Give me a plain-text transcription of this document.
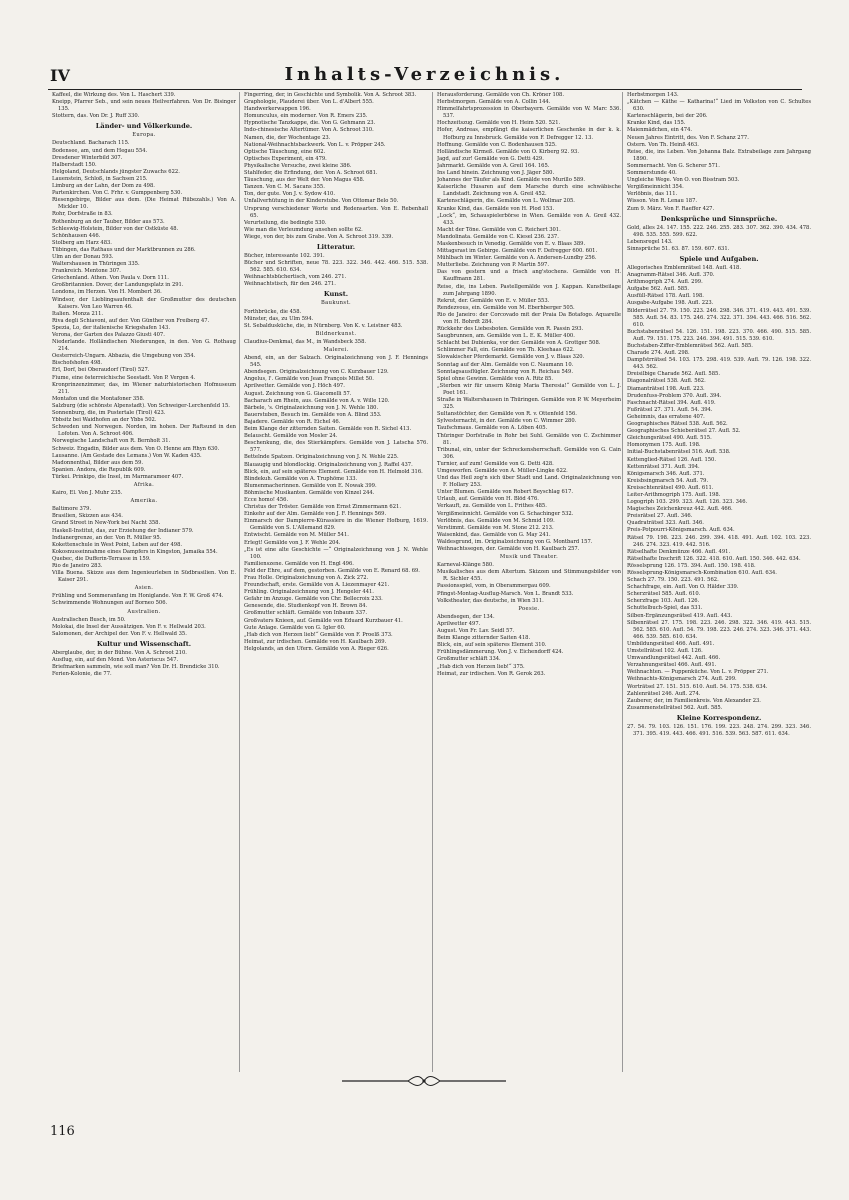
IV	Inhalts-Verzeichnis.
Kaffeel, die Wirkung des. Von L. Haschert 339.
Kneipp, Pfarrer Seb., und sein neues Heilverfahren. Von Dr. Bisinger 135.
Stottern, das. Von Dr. J. Ruff 330.
Länder- und Völkerkunde.
Europa.
Deutschland. Bacharach 115.
Bodensee, am, und dem Hegau 554.
Dresdener Winterbild 307.
Halberstadt 150.
Helgoland, Deutschlands jüngster Zuwachs 622.
Lauenstein, Schloß, in Sachsen 215.
Limburg an der Lahn, der Dom zu 498.
Partenkirchen. Von C. Frhr. v. Gumppenberg 530.
Riesengebirge, Bilder aus dem. (Die Heimat Rübezahls.) Von A. Mickler 10.
Rohr, Dorfstraße in 83.
Rothenburg an der Tauber, Bilder aus 573.
Schleswig-Holstein, Bilder von der Ostküste 48.
Schönhausen 446.
Stolberg am Harz 483.
Tübingen, das Rathaus und der Marktbrunnen zu 286.
Ulm an der Donau 593.
Waltershausen in Thüringen 335.
Frankreich. Mentone 307.
Griechenland. Athen. Von Paula v. Dorn 111.
Großbritannien. Dover, der Landungsplatz in 291.
Londons, im Herzen. Von H. Mombert 36.
Windsor, der Lieblingsaufenthalt der Großmutter des deutschen Kaisers. Von Leo Warren 46.
Italien. Monza 211.
Riva degli Schiavoni, auf der. Von Günther von Freiberg 47.
Spezia, Lo, der italienische Kriegshafen 143.
Verona, der Garten des Palazzo Giusti 407.
Niederlande. Holländischen Niederungen, in den. Von G. Rothaug 214.
Oesterreich-Ungarn. Abbazia, die Umgebung von 354.
Bischofshofen 498.
Erl, Dorf, bei Oberaudorf (Tirol) 527.
Fiume, eine österreichische Seestadt. Von P. Vergen 4.
Kronprinzenzimmer, das, im Wiener naturhistorischen Hofmuseum 211.
Montafon und die Montafoner 358.
Salzburg (die schönste Alpenstadt). Von Schweiger-Lerchenfeld 15.
Sonnenburg, die, im Pustertale (Tirol) 423.
Ybbsitz bei Waidhofen an der Ybbs 502.
Schweden und Norwegen. Norden, im hohen. Der Raftsund in den Lofoten. Von A. Schroot 406.
Norwegische Landschaft von R. Bernholt 31.
Schweiz. Engadin, Bilder aus dem. Von O. Henne am Rhyn 630.
Lausanne. (Am Gestade des Lemans.) Von W. Kaden 435.
Madonnenthal, Bilder aus dem 59.
Spanien. Andora, die Republik 609.
Türkei. Prinkipo, die Insel, im Marmarameer 407.
Afrika.
Kairo, El. Von J. Muhr 235.
Amerika.
Baltimore 379.
Brasilien, Skizzen aus 434.
Grand Street in New-York bei Nacht 358.
Haskell-Institut, das, zur Erziehung der Indianer 579.
Indianergrenze, an der. Von R. Müller 95.
Kokettenschule in West Point, Leben auf der 498.
Kokosnusseinnahme eines Dampfers in Kingston, Jamaika 554.
Quebec, die Dufferin-Terrasse in 159.
Rio de Janeiro 283.
Villa Buena. Skizze aus dem Ingenieurleben in Südbrasilien. Von E. Kaiser 291.
Asien.
Frühling und Sommeranfang im Honiglande. Von F. W. Groß 474.
Schwimmende Wohnungen auf Borneo 506.
Australien.
Australischen Busch, im 50.
Molokai, die Insel der Aussätzigen. Von F. v. Hellwald 203.
Salomonen, der Archipel der. Von F. v. Hellwald 35.
Kultur und Wissenschaft.
Aberglaube, der, in der Bühne. Von A. Schroot 210.
Ausflug, ein, auf den Mond. Von Asteriscus 547.
Briefmarken sammeln, wie soll man? Von Dr. H. Brendicke 310.
Ferien-Kolonie, die 77.
Fingerring, der, in Geschichte und Symbolik. Von A. Schroot 383.
Graphologie, Plauderei über. Von L. d'Albert 555.
Handwerkerwappen 196.
Homunculus, ein moderner. Von R. Emers 235.
Hypnotische Tanzkappe, die. Von G. Gehmann 23.
Indo-chinesische Altertümer. Von A. Schroot 310.
Namen, die, der Wochentage 23.
National-Weihnachtsbackwerk. Von L. v. Pröpper 245.
Optische Täuschung, eine 602.
Optisches Experiment, ein 479.
Physikalische Versuche, zwei kleine 386.
Stahlfeder, die Erfindung, der. Von A. Schroot 681.
Täuschung, aus der Welt der. Von Magus 458.
Tanzen. Von C. M. Sacans 355.
Ton, der gute. Von J. v. Sydow 410.
Unfallverhütung in der Kinderstube. Von Ottomar Belo 50.
Ursprung verschiedener Worte und Redensarten. Von E. Rebenhall 65.
Verurteilung, die bedingte 530.
Wie man die Verleumdung ansehen sollte 62.
Wiege, von der, bis zum Grabe. Von A. Schroot 319. 339.
Litteratur.
Bücher, interessante 102. 391.
Bücher und Schriften, neue 78. 223. 322. 346. 442. 466. 515. 538. 562. 585. 610. 634.
Weihnachtsbüchertisch, vom 246. 271.
Weihnachtstisch, für den 246. 271.
Kunst.
Baukunst.
Forthbrücke, die 458.
Münster, das, zu Ulm 594.
St. Sebaldusküche, die, in Nürnberg. Von K. v. Leistner 483.
Bildnerkunst.
Claudius-Denkmal, das M., in Wandsbeck 358.
Malerei.
Abend, ein, an der Salzach. Originalzeichnung von J. F. Hennings 545.
Abendsegen. Originalzeichnung von C. Kurzbauer 129.
Angelus, l'. Gemälde von Jean François Millet 50.
Aprilwetter. Gemälde von J. Höch 497.
August. Zeichnung von G. Giacomelli 57.
Bacharach am Rhein, aus. Gemälde von A. v. Wille 120.
Bärbele, 's. Originalzeichnung von J. N. Wehle 180.
Bauerstuben, Besuch im. Gemälde von A. Blind 353.
Bajadere. Gemälde von R. Eichel 46.
Beim Klange der zitternden Saiten. Gemälde von R. Sichel 413.
Belauscht. Gemälde von Mosler 24.
Beschenkung, die, des Stierkämpfers. Gemälde von J. Latscha 576. 577.
Bettelnde Spatzen. Originalzeichnung von J. N. Wehle 225.
Blauaugig und blondlockig. Originalzeichnung von J. Raffel 437.
Blick, ein, auf sein späteres Element. Gemälde von H. Helmold 316.
Blindekuh. Gemälde von A. Truphöme 133.
Blumenmacherinnen. Gemälde von E. Nowak 399.
Böhmische Musikanten. Gemälde von Kinzel 244.
Ecce homo! 456.
Christus der Tröster. Gemälde von Ernst Zimmermann 621.
Einkehr auf der Alm. Gemälde von J. F. Hennings 569.
Einmarsch der Dampierre-Kürassiere in die Wiener Hofburg, 1619. Gemälde von S. L'Allemand 829.
Entwischt. Gemälde von M. Müller 541.
Erlegt! Gemälde von J. F. Wehle 204.
„Es ist eine alte Geschichte —“ Originalzeichnung von J. N. Wehle 100.
Familienszene. Gemälde von H. Engl 496.
Feld der Ehre, auf dem, gestorben. Gemälde von E. Renard 68. 69.
Frau Holle. Originalzeichnung von A. Zick 272.
Freundschaft, erste. Gemälde von A. Liezenmayer 421.
Frühling. Originalzeichnung von J. Hengeler 441.
Gefahr im Anzuge. Gemälde von Chr. Bellecroix 233.
Genesende, die. Studienkopf von H. Brown 84.
Großmutter schläft. Gemälde von Inbaum 337.
Großvaters Knieen, auf. Gemälde von Eduard Kurzbauer 41.
Gute Anlage. Gemälde von G. Igler 60.
„Hab dich von Herzen lieb!“ Gemälde von F. Proelß 373.
Heimat, zur irdischen. Gemälde von H. Kaulbach 269.
Helgolands, an den Ufern. Gemälde von A. Rieger 626.
Herausforderung. Gemälde von Ch. Kröner 108.
Herbstmorgen. Gemälde von A. Collin 144.
Himmelfahrtsprozession in Oberbayern. Gemälde von W. Marc 536. 537.
Hochzeitszug. Gemälde von H. Heim 520. 521.
Hofer, Andreas, empfängt die kaiserlichen Geschenke in der k. k. Hofburg zu Innsbruck. Gemälde von F. Defregger 12. 13.
Hoffnung. Gemälde von C. Bodenhausen 525.
Holländische Kirmeß. Gemälde von O. Kirberg 92. 93.
Jagd, auf zur! Gemälde von G. Detti 429.
Jahrmarkt. Gemälde von A. Greil 164. 165.
Ins Land hinein. Zeichnung von J. Jäger 580.
Johannes der Täufer als Kind. Gemälde von Murillo 589.
Kaiserliche Husaren auf dem Marsche durch eine schwäbische Landstadt. Zeichnung von A. Greil 452.
Kartenschlägerin, die. Gemälde von L. Wollmar 205.
Kranke Kind, das. Gemälde von H. Plod 153.
„Lock“, im, Schauspielerbörse in Wien. Gemälde von A. Greil 432. 433.
Macht der Töne. Gemälde von C. Reichert 301.
Mandolinata. Gemälde von C. Kiesel 236. 237.
Maskenbesuch in Venedig. Gemälde von E. v. Blaas 389.
Mittagsrast im Gebirge. Gemälde von F. Defregger 600. 601.
Mühlbach im Winter. Gemälde von A. Andersen-Lundby 256.
Mutterliebe. Zeichnung von P. Martin 597.
Das von gestern und a frisch ang'stochens. Gemälde von H. Kauffmann 281.
Reise, die, ins Leben. Pastellgemälde von J. Kappan. Kunstbeilage zum Jahrgang 1890.
Rekrut, der. Gemälde von E. v. Müller 553.
Rendezvous, ein. Gemälde von M. Eberhberger 505.
Rio de Janeiro: der Corcovado mit der Praia Da Botafogo. Aquarelle von H. Bohrdt 284.
Rückkehr des Liebesboten. Gemälde von R. Passin 293.
Saugbrunnen, am. Gemälde von L. E. K. Müller 400.
Schlacht bei Dubienka, vor der. Gemälde von A. Grottger 508.
Schlimmer Fall, ein. Gemälde von Th. Kleehaas 622.
Slowakischer Pferdemarkt. Gemälde von J. v. Blaas 320.
Sonntag auf der Alm. Gemälde von C. Naumann 10.
Sonntagsausflügler. Zeichnung von R. Reichau 549.
Spiel ohne Gewinn. Gemälde von A. Ritz 85.
„Sterben wir für unsern König Maria Theresia!“ Gemälde von L. J. Poet 161.
Straße in Waltershausen in Thüringen. Gemälde von P. W. Meyerheim 325.
Sultanstöchter, der. Gemälde von R. v. Ottenfeld 156.
Sylvesternacht, in der. Gemälde von C. Wimmer 280.
Taufschmaus. Gemälde von A. Löben 405.
Thüringer Dorfstraße in Rohr bei Suhl. Gemälde von C. Zschimmer 81.
Tribunal, ein, unter der Schreckensherrschaft. Gemälde von G. Cain 306.
Turnier, auf zum! Gemälde von G. Detti 428.
Umgeworfen. Gemälde von A. Müller-Lingke 622.
Und das Heil zog'n sich über Stadt und Land. Originalzeichnung von F. Hollary 253.
Unter Blumen. Gemälde von Robert Beyschlag 617.
Urlaub, auf. Gemälde von H. Blöd 476.
Verkauft, zu. Gemälde von L. Frithes 485.
Vergißmeinnicht. Gemälde von G. Schachinger 532.
Verlöbnis, das. Gemälde von M. Schmid 109.
Verstimmt. Gemälde von M. Stone 212. 213.
Waisenkind, das. Gemälde von G. May 241.
Waldesgrund, im. Originalzeichnung von G. Montbard 157.
Weihnachtssegen, der. Gemälde von H. Kaulbach 257.
Musik und Theater.
Karneval-Klänge 580.
Musikalisches aus dem Altertum. Skizzen und Stimmungsbilder von R. Sichler 455.
Passionsspiel, vom, in Oberammergau 609.
Pfingst-Montag-Ausflug-Marsch. Von L. Brandt 533.
Volkstheater, das deutsche, in Wien 311.
Poesie.
Abendsegen, der 134.
Aprilwetter 497.
August. Von Fr. Lav. Seidl 57.
Beim Klange zitternder Saiten 418.
Blick, ein, auf sein späteres Element 310.
Frühlingsdämmerung. Von J. v. Eichendorff 424.
Großmutter schläft 334.
„Hab dich von Herzen lieb!“ 375.
Heimat, zur irdischen. Von R. Gerok 263.
Herbstmorgen 143.
„Kätchen — Käthe — Katharina!“ Lied im Volkston von C. Schultes 630.
Kartenschlägerin, bei der 206.
Kranke Kind, das 155.
Maienmädchen, ein 474.
Neuen Jahres Eintritt, des. Von F. Schanz 277.
Ostern. Von Th. Heinß 463.
Reise, die, ins Leben. Von Johanna Balz. Extrabeilage zum Jahrgang 1890.
Sommernacht. Von G. Scherer 571.
Sommerstunde 40.
Ungleiche Wege. Von O. von Bisstram 503.
Vergißmeinnicht 354.
Verlöbnis, das 111.
Wisson. Von R. Lenau 187.
Zum 9. März. Von F. Raeffer 427.
Denksprüche und Sinnsprüche.
Gold, alles 24. 147. 155. 222. 246. 255. 283. 307. 362. 390. 434. 478. 498. 535. 555. 599. 622.
Lebensregel 143.
Sinnsprüche 51. 63. 87. 159. 607. 631.
Spiele und Aufgaben.
Allegorisches Emblemrätsel 148. Aufl. 418.
Anagramm-Rätsel 346. Aufl. 370.
Arithmogriph 274. Aufl. 299.
Aufgabe 562. Aufl. 585.
Ausfüll-Rätsel 178. Aufl. 198.
Ausgabe-Aufgabe 198. Aufl. 223.
Bilderrätsel 27. 79. 150. 223. 246. 298. 346. 371. 419. 443. 491. 539. 585. Aufl. 54. 83. 175. 246. 274. 322. 371. 394. 443. 466. 516. 562. 610.
Buchstabenrätsel 54. 126. 151. 198. 223. 370. 466. 490. 515. 585. Aufl. 79. 151. 175. 223. 246. 394. 491. 515. 539. 610.
Buchstaben-Ziffer-Emblemrätsel 562. Aufl. 585.
Charade 274. Aufl. 298.
Dampfstrrätsel 54. 103. 175. 298. 419. 539. Aufl. 79. 126. 198. 322. 443. 562.
Dreisilbige Charade 562. Aufl. 585.
Diagonalrätsel 538. Aufl. 562.
Diamanträtsel 198. Aufl. 223.
Drudenfuss-Problem 370. Aufl. 394.
Faschnacht-Rätsel 394. Aufl. 419.
Fußrätsel 27. 371. Aufl. 54. 394.
Geheimnis, das erratene 407.
Geographisches Rätsel 538. Aufl. 562.
Geographisches Schieberätsel 27. Aufl. 52.
Gleichungsrätsel 490. Aufl. 515.
Homonymen 175. Aufl. 198.
Initial-Buchstabenrätsel 516. Aufl. 538.
Kettenglied-Rätsel 126. Aufl. 150.
Kettenrätsel 371. Aufl. 394.
Königsmarsch 346. Aufl. 371.
Kreisbsingmarsch 54. Aufl. 79.
Kreisschtenrätsel 490. Aufl. 611.
Leiter-Arithmogriph 175. Aufl. 198.
Logogriph 103. 299. 323. Aufl. 126. 323. 346.
Magisches Zeichenkreuz 442. Aufl. 466.
Preisrätsel 27. Aufl. 346.
Quadraträtsel 323. Aufl. 346.
Preis-Potpourri-Königsmarsch. Aufl. 634.
Rätsel 79. 198. 223. 246. 299. 394. 418. 491. Aufl. 102. 103. 223. 246. 274. 323. 419. 442. 516.
Rätselhafte Denkmünze 466. Aufl. 491.
Rätselhafte Inschrift 126. 322. 418. 610. Aufl. 150. 346. 442. 634.
Rösselsprung 126. 175. 394. Aufl. 150. 198. 418.
Rösselsprung-Königsmarsch-Kombination 610. Aufl. 634.
Schach 27. 79. 150. 223. 491. 562.
Schachfrage, ein. Aufl. Von O. Hälder 339.
Scherzrätsel 585. Aufl. 610.
Scherzfrage 103. Aufl. 126.
Schuttelbuch-Spiel, das 531.
Silben-Ergänzungsrätsel 419. Aufl. 443.
Silbenrätsel 27. 175. 198. 223. 246. 298. 322. 346. 419. 443. 515. 562. 585. 610. Aufl. 54. 79. 198. 223. 246. 274. 323. 346. 371. 443. 466. 539. 585. 610. 634.
Umbildungsrätsel 466. Aufl. 491.
Umstellrätsel 102. Aufl. 126.
Umwandlungsrätsel 442. Aufl. 466.
Verzahnungsrätsel 466. Aufl. 491.
Weihnachten. — Puppenküche. Von L. v. Pröpper 271.
Weihnachts-Königsmarsch 274. Aufl. 299.
Worträtsel 27. 151. 515. 610. Aufl. 54. 175. 538. 634.
Zahlenrätsel 246. Aufl. 274.
Zauberer, der, im Familienkreis. Von Alexander 23.
Zusammenstellrätsel 562. Aufl. 585.
Kleine Korrespondenz.
27. 54. 79. 103. 126. 151. 176. 199. 223. 248. 274. 299. 323. 346. 371. 395. 419. 443. 466. 491. 516. 539. 563. 587. 611. 634.
116
